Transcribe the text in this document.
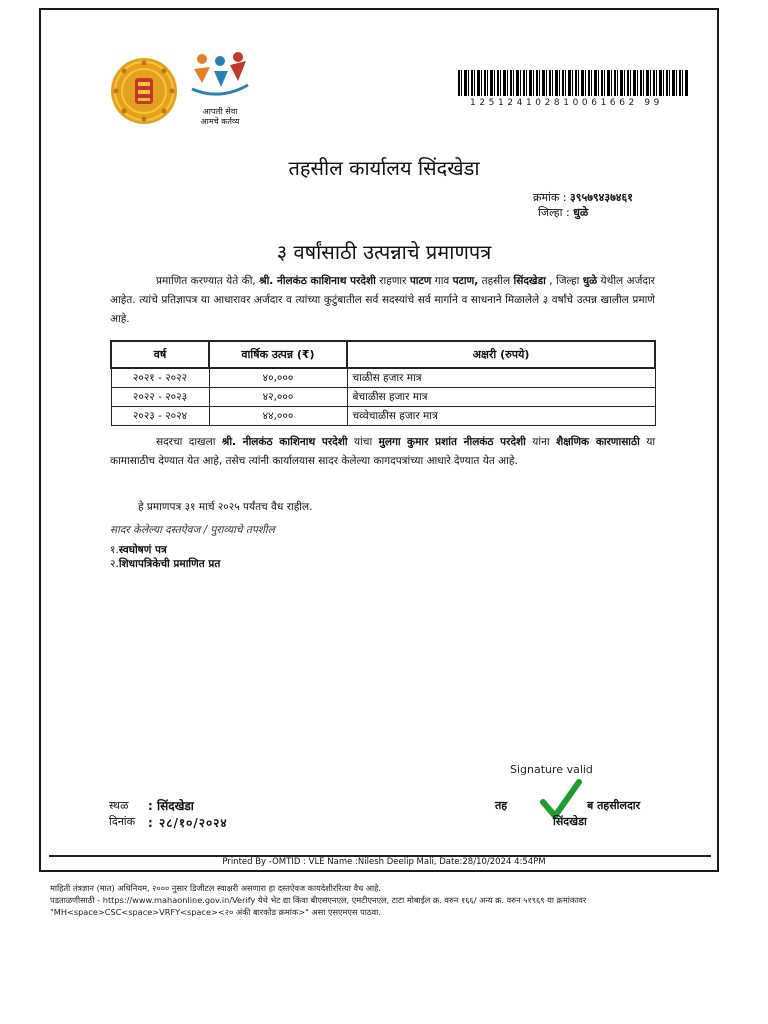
आपली सेवा
आमचे कर्तव्य
125124102810061662 99
तहसील कार्यालय सिंदखेडा
क्रमांक : ३९५७९४३७४६१
जिल्हा : धुळे
३ वर्षांसाठी उत्पन्नाचे प्रमाणपत्र
प्रमाणित करण्यात येते की, श्री. नीलकंठ काशिनाथ परदेशी राहणार पाटण गाव पटाण, तहसील सिंदखेडा , जिल्हा धुळे येथील अर्जदार आहेत. त्यांचे प्रतिज्ञापत्र या आधारावर अर्जदार व त्यांच्या कुटुंबातील सर्व सदस्यांचे सर्व मार्गाने व साधनाने मिळालेले ३ वर्षांचे उत्पन्न खालील प्रमाणे आहे.
वर्ष	वार्षिक उत्पन्न (₹)	अक्षरी (रुपये)
२०२१ - २०२२	४०,०००	चाळीस हजार मात्र
२०२२ - २०२३	४२,०००	बेचाळीस हजार मात्र
२०२३ - २०२४	४४,०००	चव्वेचाळीस हजार मात्र
सदरचा दाखला श्री. नीलकंठ काशिनाथ परदेशी यांचा मुलगा कुमार प्रशांत नीलकंठ परदेशी यांना शैक्षणिक कारणासाठी या कामासाठीच देण्यात येत आहे, तसेच त्यांनी कार्यालयास सादर केलेल्या कागदपत्रांच्या आधारे देण्यात येत आहे.
हे प्रमाणपत्र ३१ मार्च २०२५ पर्यंतच वैध राहील.
सादर केलेल्या दस्तऐवज / पुराव्याचे तपशील
१.स्वघोषणं पत्र
२.शिधापत्रिकेची प्रमाणित प्रत
Signature valid
तह	ब तहसीलदार
सिंदखेडा
स्थळ : सिंदखेडा
दिनांक : २८/१०/२०२४
Printed By -OMTID : VLE Name :Nilesh Deelip Mali, Date:28/10/2024 4:54PM
माहिती तंत्रज्ञान (मात) अधिनियम, २००० नुसार डिजीटल स्वाक्षरी असणारा हा दस्तऐवज कायदेशीररित्या वैध आहे.
पडताळणीसाठी - https://www.mahaonline.gov.in/Verify येथे भेट द्या किंवा बीएसएनएल, एमटीएनएल, टाटा मोबाईल क्र. वरुन १६६/ अन्य क्र. वरुन ५१९६९ या क्रमांकावर
"MH<space>CSC<space>VRFY<space><२० अंकी बारकोड क्रमांक>" असा एसएमएस पाठवा.
